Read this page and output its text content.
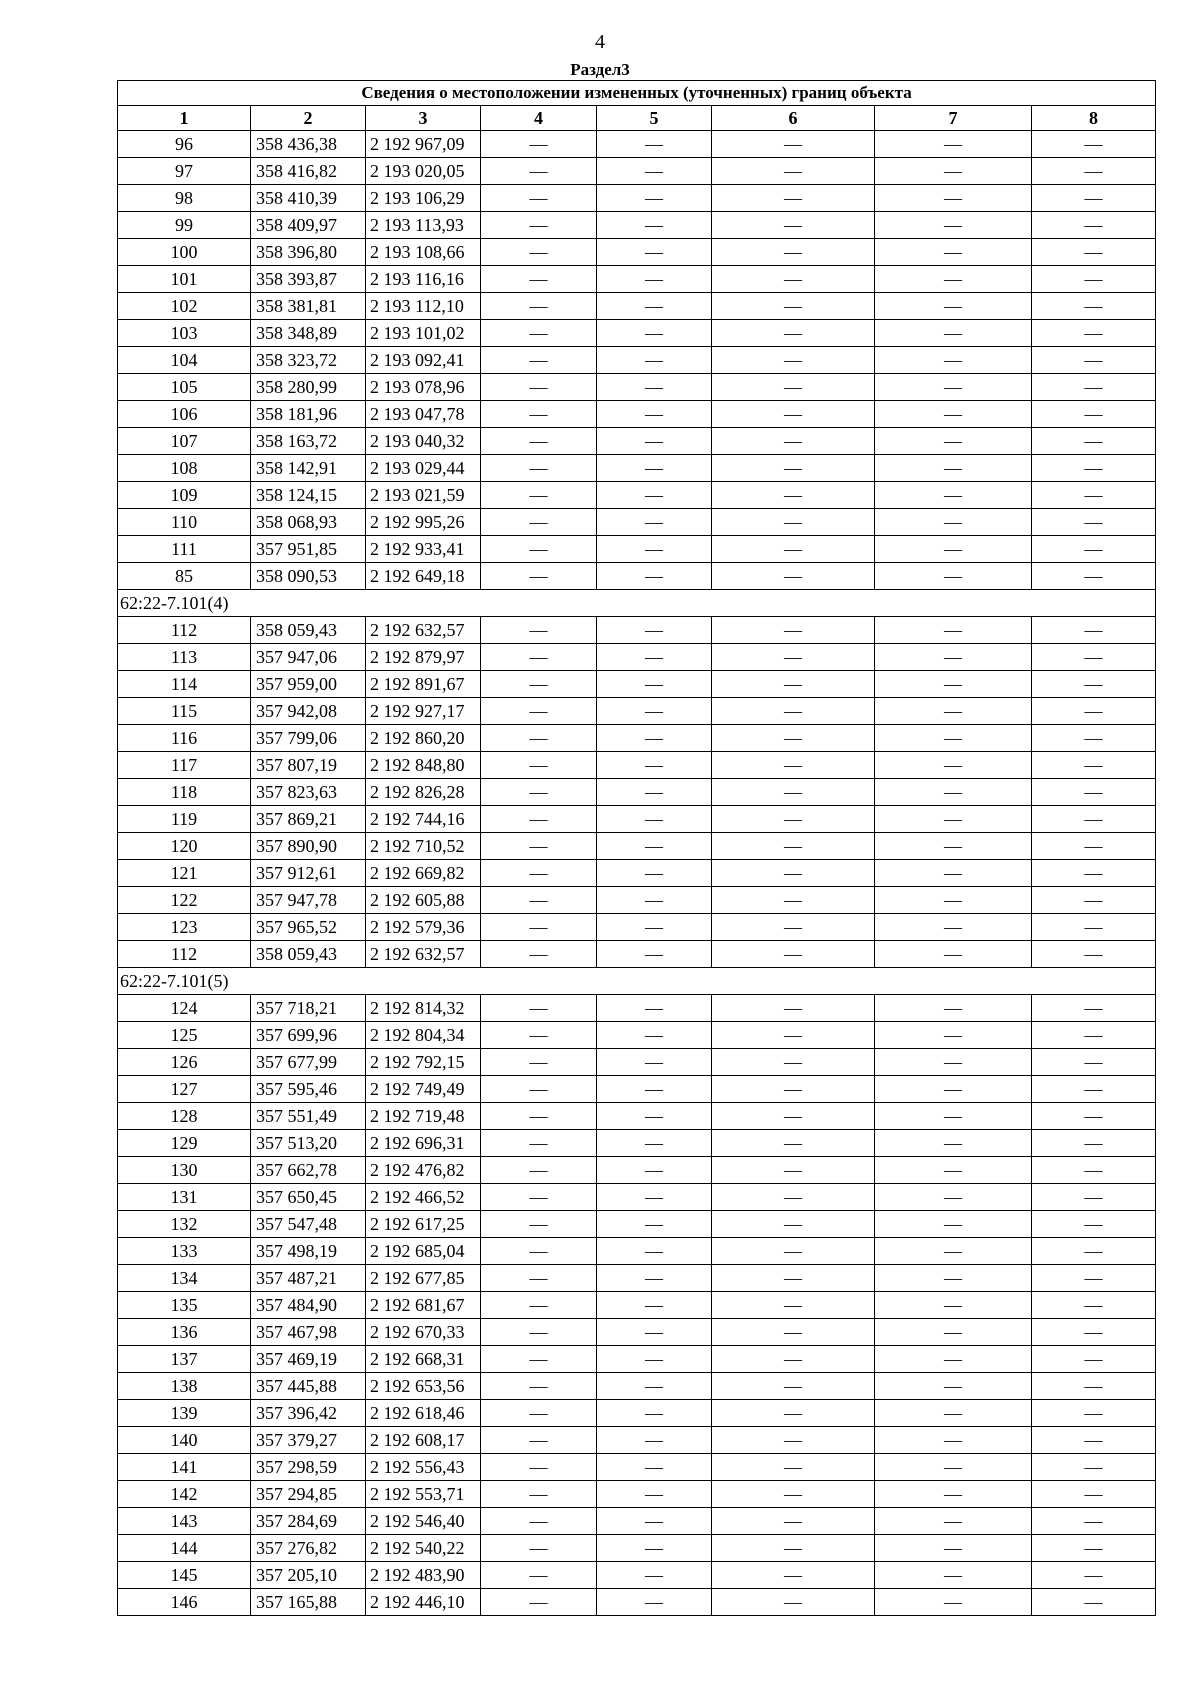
4
Раздел3
Сведения о местоположении измененных (уточненных) границ объекта							
1	2	3	4	5	6	7	8
96	358 436,38	2 192 967,09	—	—	—	—	—
97	358 416,82	2 193 020,05	—	—	—	—	—
98	358 410,39	2 193 106,29	—	—	—	—	—
99	358 409,97	2 193 113,93	—	—	—	—	—
100	358 396,80	2 193 108,66	—	—	—	—	—
101	358 393,87	2 193 116,16	—	—	—	—	—
102	358 381,81	2 193 112,10	—	—	—	—	—
103	358 348,89	2 193 101,02	—	—	—	—	—
104	358 323,72	2 193 092,41	—	—	—	—	—
105	358 280,99	2 193 078,96	—	—	—	—	—
106	358 181,96	2 193 047,78	—	—	—	—	—
107	358 163,72	2 193 040,32	—	—	—	—	—
108	358 142,91	2 193 029,44	—	—	—	—	—
109	358 124,15	2 193 021,59	—	—	—	—	—
110	358 068,93	2 192 995,26	—	—	—	—	—
111	357 951,85	2 192 933,41	—	—	—	—	—
85	358 090,53	2 192 649,18	—	—	—	—	—
62:22-7.101(4)							
112	358 059,43	2 192 632,57	—	—	—	—	—
113	357 947,06	2 192 879,97	—	—	—	—	—
114	357 959,00	2 192 891,67	—	—	—	—	—
115	357 942,08	2 192 927,17	—	—	—	—	—
116	357 799,06	2 192 860,20	—	—	—	—	—
117	357 807,19	2 192 848,80	—	—	—	—	—
118	357 823,63	2 192 826,28	—	—	—	—	—
119	357 869,21	2 192 744,16	—	—	—	—	—
120	357 890,90	2 192 710,52	—	—	—	—	—
121	357 912,61	2 192 669,82	—	—	—	—	—
122	357 947,78	2 192 605,88	—	—	—	—	—
123	357 965,52	2 192 579,36	—	—	—	—	—
112	358 059,43	2 192 632,57	—	—	—	—	—
62:22-7.101(5)							
124	357 718,21	2 192 814,32	—	—	—	—	—
125	357 699,96	2 192 804,34	—	—	—	—	—
126	357 677,99	2 192 792,15	—	—	—	—	—
127	357 595,46	2 192 749,49	—	—	—	—	—
128	357 551,49	2 192 719,48	—	—	—	—	—
129	357 513,20	2 192 696,31	—	—	—	—	—
130	357 662,78	2 192 476,82	—	—	—	—	—
131	357 650,45	2 192 466,52	—	—	—	—	—
132	357 547,48	2 192 617,25	—	—	—	—	—
133	357 498,19	2 192 685,04	—	—	—	—	—
134	357 487,21	2 192 677,85	—	—	—	—	—
135	357 484,90	2 192 681,67	—	—	—	—	—
136	357 467,98	2 192 670,33	—	—	—	—	—
137	357 469,19	2 192 668,31	—	—	—	—	—
138	357 445,88	2 192 653,56	—	—	—	—	—
139	357 396,42	2 192 618,46	—	—	—	—	—
140	357 379,27	2 192 608,17	—	—	—	—	—
141	357 298,59	2 192 556,43	—	—	—	—	—
142	357 294,85	2 192 553,71	—	—	—	—	—
143	357 284,69	2 192 546,40	—	—	—	—	—
144	357 276,82	2 192 540,22	—	—	—	—	—
145	357 205,10	2 192 483,90	—	—	—	—	—
146	357 165,88	2 192 446,10	—	—	—	—	—
